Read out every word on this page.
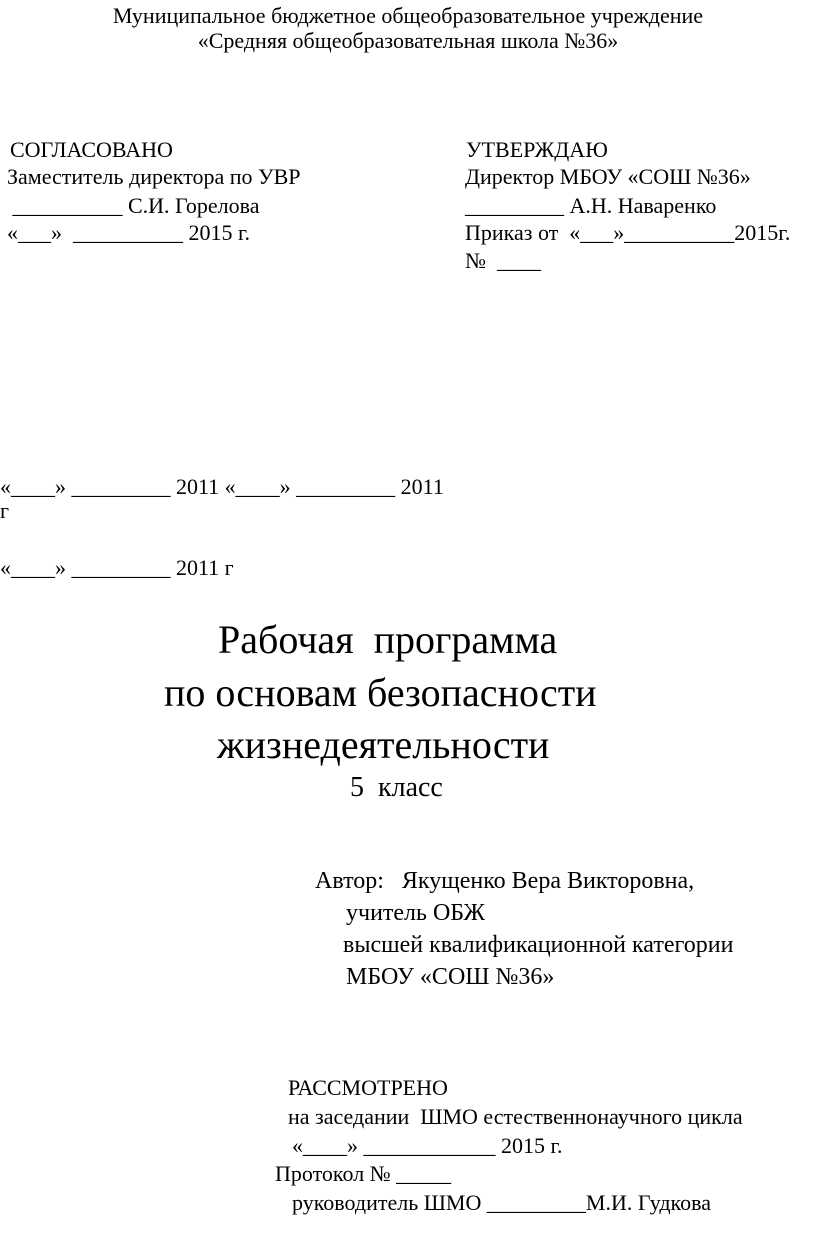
Муниципальное бюджетное общеобразовательное учреждение
«Средняя общеобразовательная школа №36»
СОГЛАСОВАНО
Заместитель директора по УВР
__________ С.И. Горелова
«___»  __________ 2015 г.
УТВЕРЖДАЮ
Директор МБОУ «СОШ №36»
_________ А.Н. Наваренко
Приказ от  «___»__________2015г.
№  ____
«____» _________ 2011 «____» _________ 2011
г
«____» _________ 2011 г
Рабочая  программа
по основам безопасности
жизнедеятельности
5  класс
Автор:   Якущенко Вера Викторовна,
учитель ОБЖ
высшей квалификационной категории
МБОУ «СОШ №36»
РАССМОТРЕНО
на заседании  ШМО естественнонаучного цикла
«____» ____________ 2015 г.
Протокол № _____
руководитель ШМО _________М.И. Гудкова
